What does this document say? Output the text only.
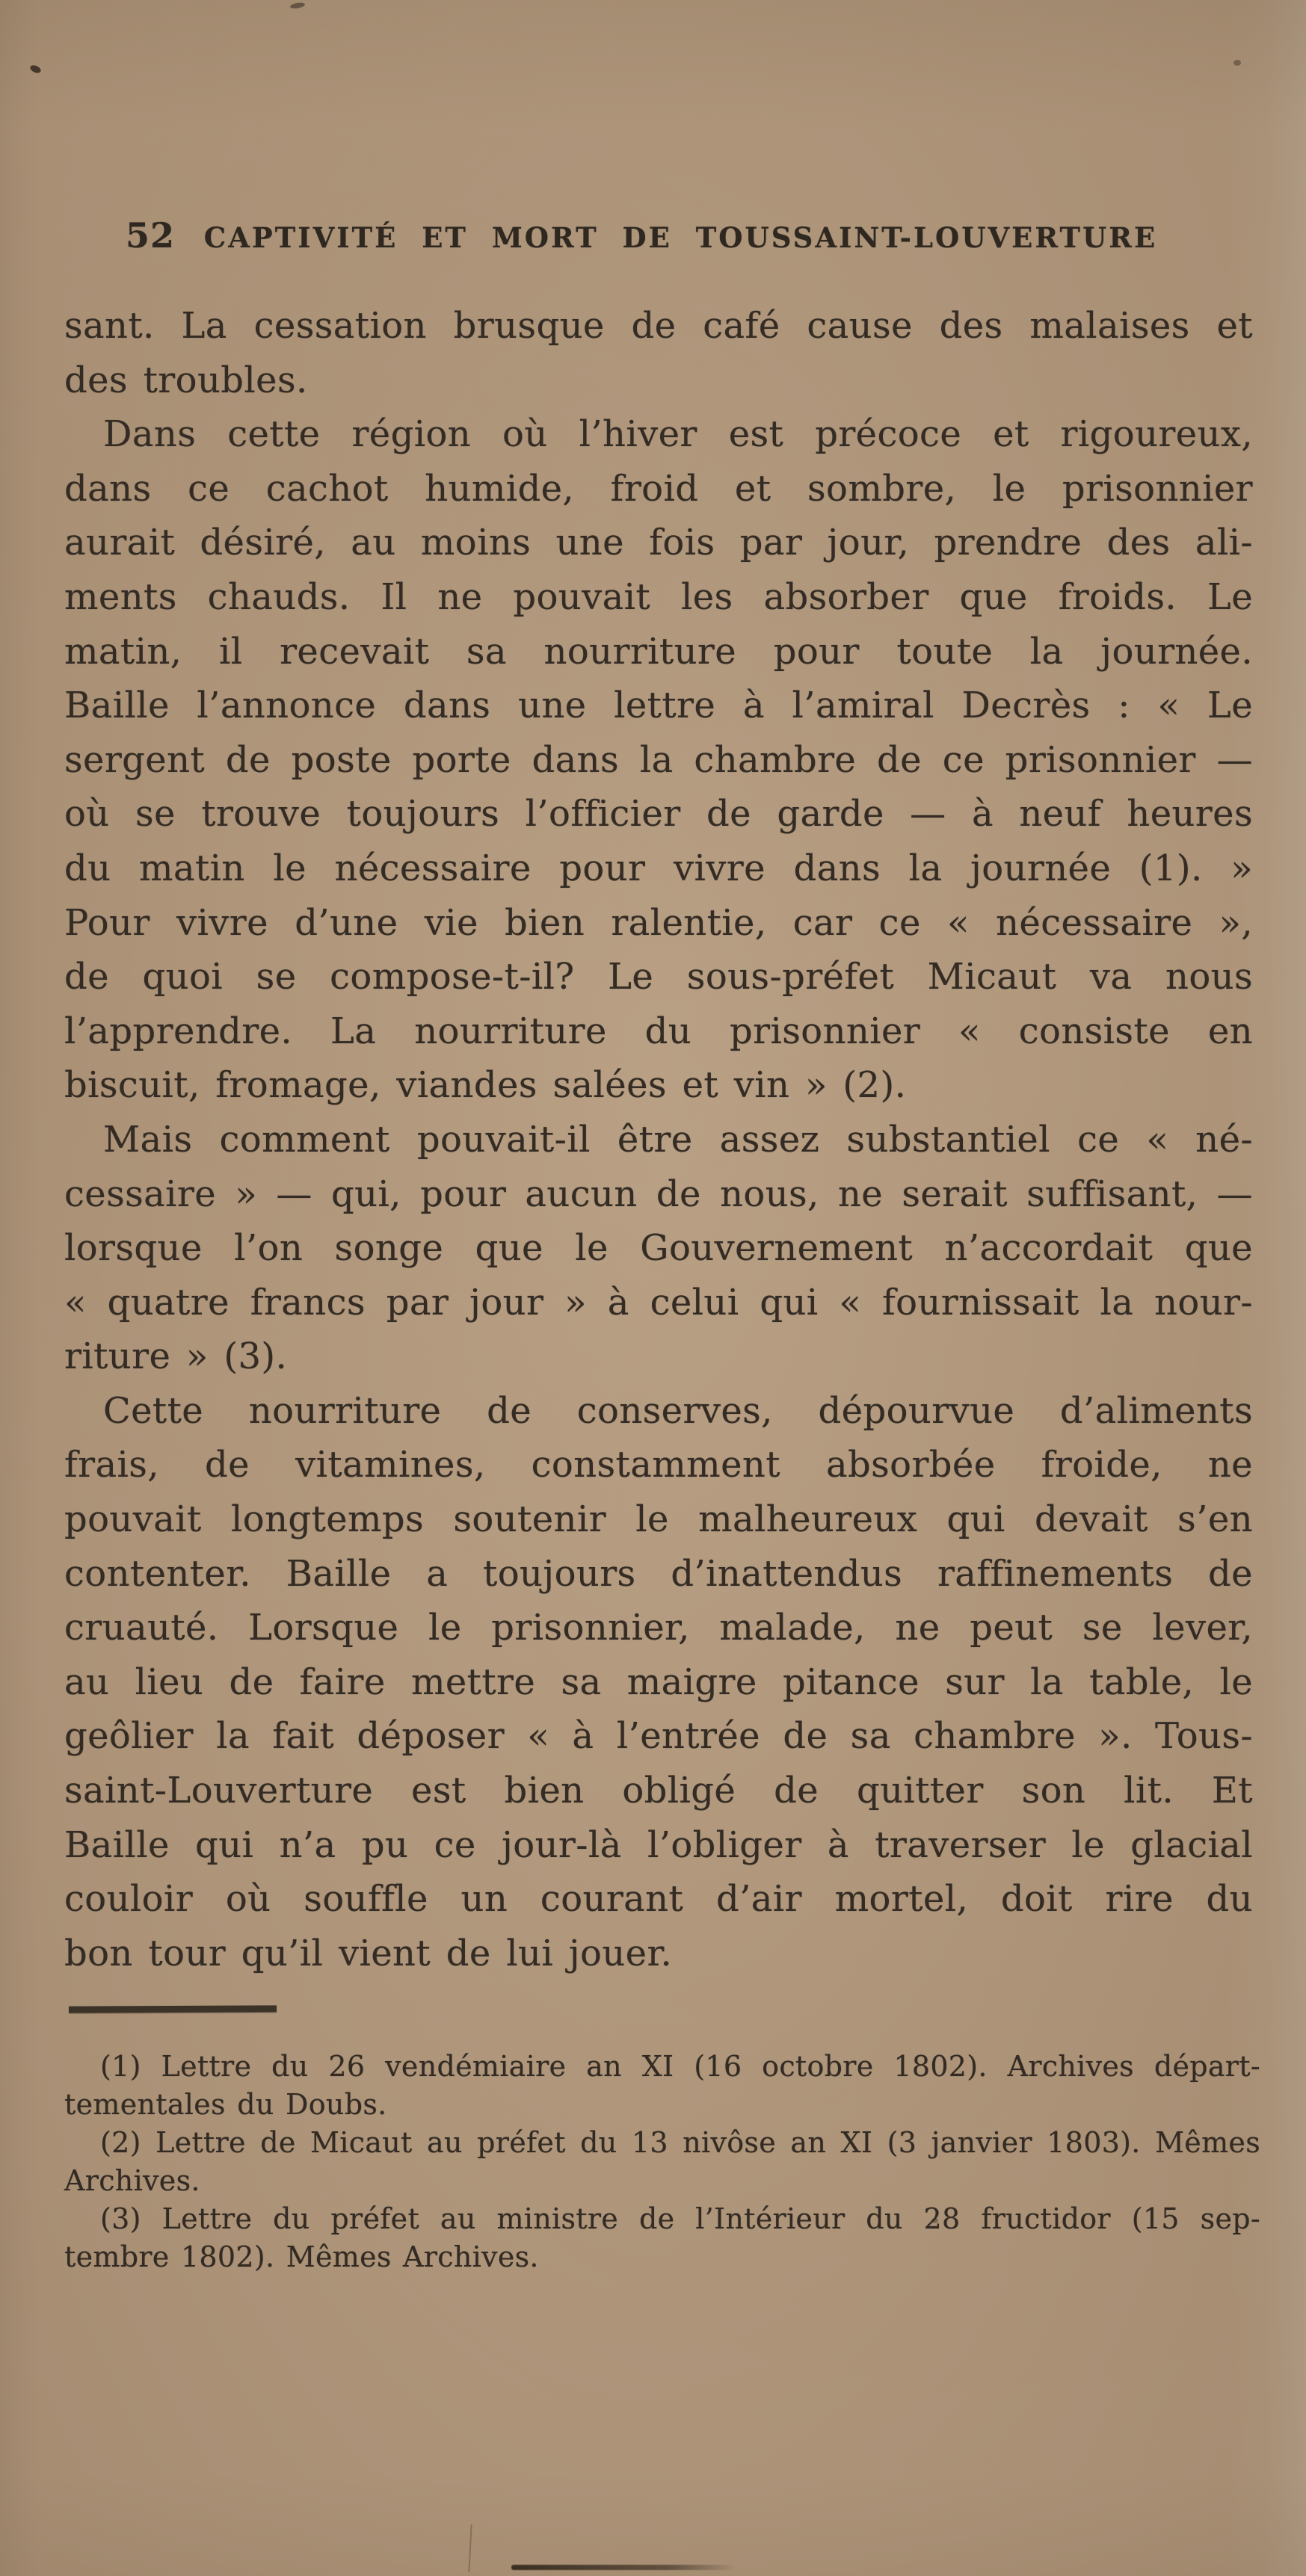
52	CAPTIVITÉ ET MORT DE TOUSSAINT-LOUVERTURE
sant. La cessation brusque de café cause des malaises et
des troubles.
Dans cette région où l’hiver est précoce et rigoureux,
dans ce cachot humide, froid et sombre, le prisonnier
aurait désiré, au moins une fois par jour, prendre des ali-
ments chauds. Il ne pouvait les absorber que froids. Le
matin, il recevait sa nourriture pour toute la journée.
Baille l’annonce dans une lettre à l’amiral Decrès : « Le
sergent de poste porte dans la chambre de ce prisonnier —
où se trouve toujours l’officier de garde — à neuf heures
du matin le nécessaire pour vivre dans la journée (1). »
Pour vivre d’une vie bien ralentie, car ce « nécessaire »,
de quoi se compose-t-il? Le sous-préfet Micaut va nous
l’apprendre. La nourriture du prisonnier « consiste en
biscuit, fromage, viandes salées et vin » (2).
Mais comment pouvait-il être assez substantiel ce « né-
cessaire » — qui, pour aucun de nous, ne serait suffisant, —
lorsque l’on songe que le Gouvernement n’accordait que
« quatre francs par jour » à celui qui « fournissait la nour-
riture » (3).
Cette nourriture de conserves, dépourvue d’aliments
frais, de vitamines, constamment absorbée froide, ne
pouvait longtemps soutenir le malheureux qui devait s’en
contenter. Baille a toujours d’inattendus raffinements de
cruauté. Lorsque le prisonnier, malade, ne peut se lever,
au lieu de faire mettre sa maigre pitance sur la table, le
geôlier la fait déposer « à l’entrée de sa chambre ». Tous-
saint-Louverture est bien obligé de quitter son lit. Et
Baille qui n’a pu ce jour-là l’obliger à traverser le glacial
couloir où souffle un courant d’air mortel, doit rire du
bon tour qu’il vient de lui jouer.
(1) Lettre du 26 vendémiaire an XI (16 octobre 1802). Archives départ-
tementales du Doubs.
(2) Lettre de Micaut au préfet du 13 nivôse an XI (3 janvier 1803). Mêmes
Archives.
(3) Lettre du préfet au ministre de l’Intérieur du 28 fructidor (15 sep-
tembre 1802). Mêmes Archives.
